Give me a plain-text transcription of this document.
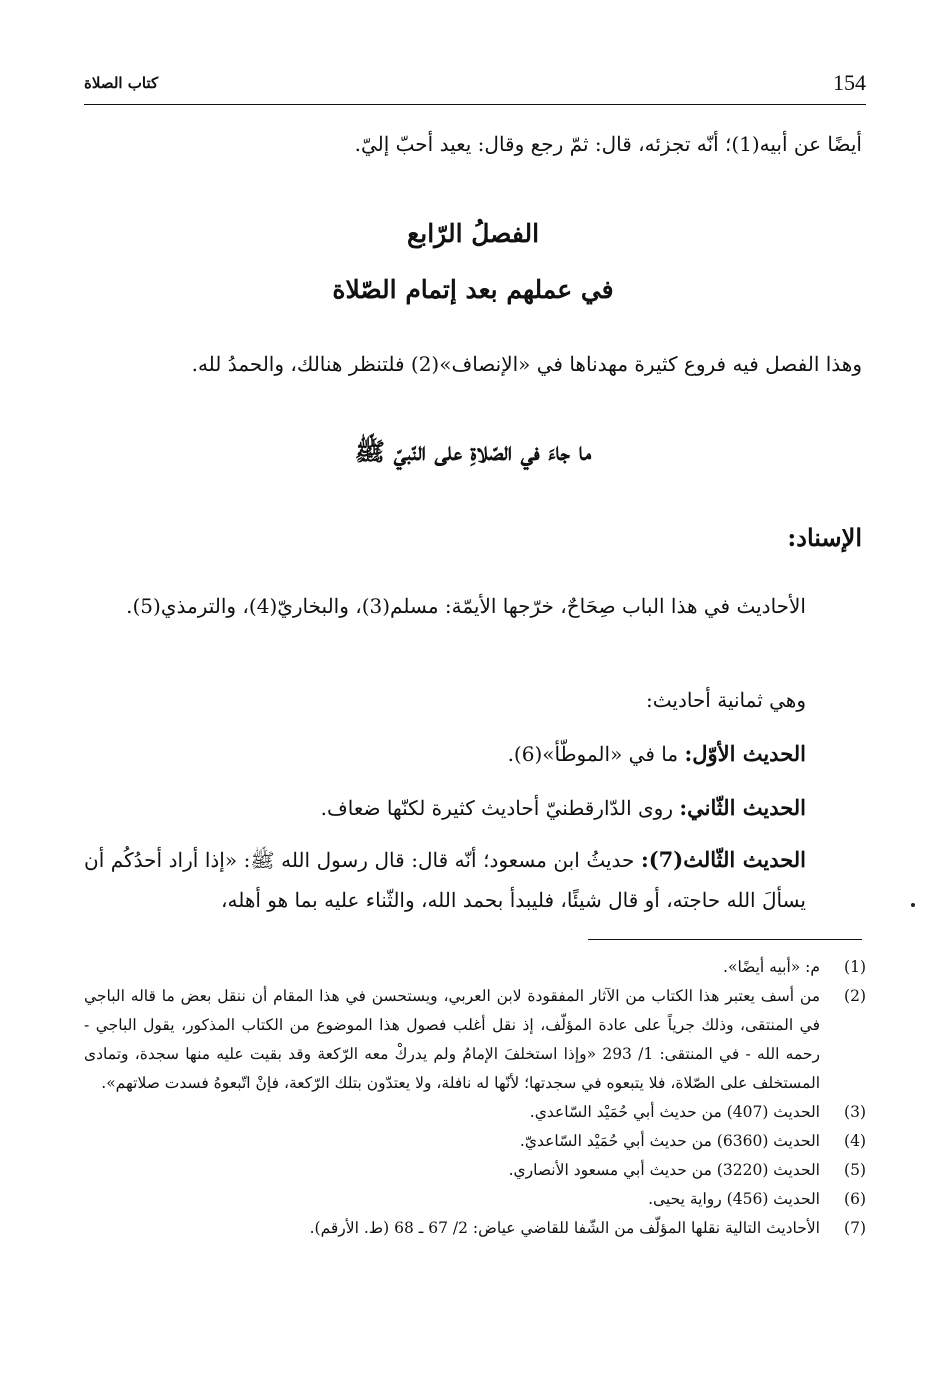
154
كتاب الصلاة
أيضًا عن أبيه(1)؛ أنّه تجزئه، قال: ثمّ رجع وقال: يعيد أحبّ إليّ.
الفصلُ الرّابع
في عملهم بعد إتمام الصّلاة
وهذا الفصل فيه فروع كثيرة مهدناها في «الإنصاف»(2) فلتنظر هنالك، والحمدُ لله.
ما جاءَ في الصّلاةِ على النّبيّ ﷺ
الإسناد:
الأحاديث في هذا الباب صِحَاحٌ، خرّجها الأيمّة: مسلم(3)، والبخاريّ(4)، والترمذي(5).
وهي ثمانية أحاديث:
الحديث الأوّل: ما في «الموطّأ»(6).
الحديث الثّاني: روى الدّارقطنيّ أحاديث كثيرة لكنّها ضعاف.
الحديث الثّالث(7): حديثُ ابن مسعود؛ أنّه قال: قال رسول الله ﷺ: «إذا أراد أحدُكُم أن يسألَ الله حاجته، أو قال شيئًا، فليبدأ بحمد الله، والثّناء عليه بما هو أهله،
(1)
م: «أبيه أيضًا».
(2)
من أسف يعتبر هذا الكتاب من الآثار المفقودة لابن العربي، ويستحسن في هذا المقام أن ننقل بعض ما قاله الباجي في المنتقى، وذلك جرياً على عادة المؤلّف، إذ نقل أغلب فصول هذا الموضوع من الكتاب المذكور، يقول الباجي - رحمه الله - في المنتقى: 1/ 293 «وإذا استخلفَ الإمامُ ولم يدركْ معه الرّكعة وقد بقيت عليه منها سجدة، وتمادى المستخلف على الصّلاة، فلا يتبعوه في سجدتها؛ لأنّها له نافلة، ولا يعتدّون بتلك الرّكعة، فإنْ اتّبعوهُ فسدت صلاتهم».
(3)
الحديث (407) من حديث أبي حُمَيْد السّاعدي.
(4)
الحديث (6360) من حديث أبي حُمَيْد السّاعديّ.
(5)
الحديث (3220) من حديث أبي مسعود الأنصاري.
(6)
الحديث (456) رواية يحيى.
(7)
الأحاديث التالية نقلها المؤلّف من الشّفا للقاضي عياض: 2/ 67 ـ 68 (ط. الأرقم).
